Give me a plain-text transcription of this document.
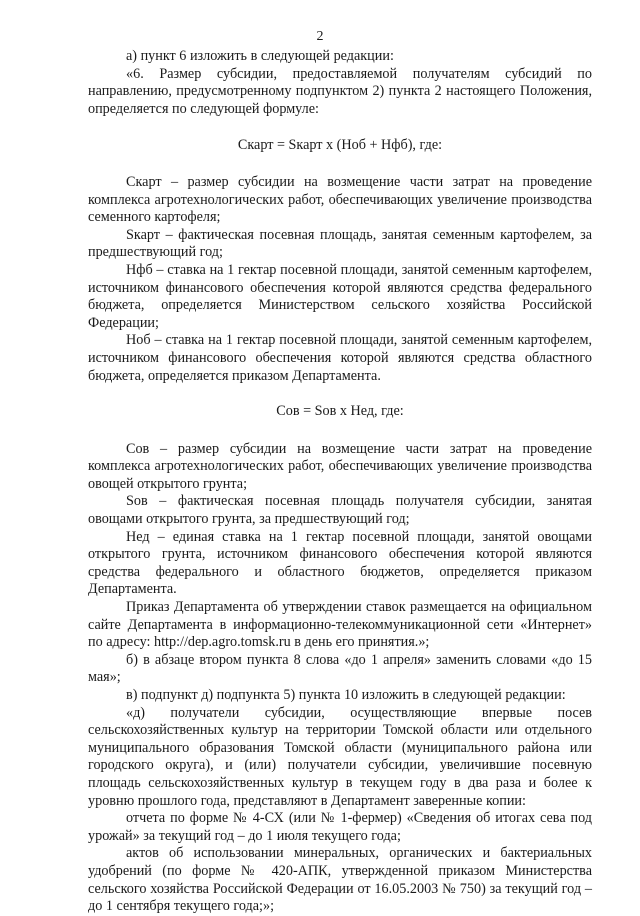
2

а) пункт 6 изложить в следующей редакции:

«6. Размер субсидии, предоставляемой получателям субсидий по направлению, предусмотренному подпунктом 2) пункта 2 настоящего Положения, определяется по следующей формуле:

Скарт = Sкарт х (Ноб + Нфб), где:

Скарт – размер субсидии на возмещение части затрат на проведение комплекса агротехнологических работ, обеспечивающих увеличение производства семенного картофеля;

Sкарт – фактическая посевная площадь, занятая семенным картофелем, за предшествующий год;

Нфб – ставка на 1 гектар посевной площади, занятой семенным картофелем, источником финансового обеспечения которой являются средства федерального бюджета, определяется Министерством сельского хозяйства Российской Федерации;

Ноб – ставка на 1 гектар посевной площади, занятой семенным картофелем, источником финансового обеспечения которой являются средства областного бюджета, определяется приказом Департамента.

Сов = Sов х Нед, где:

Сов – размер субсидии на возмещение части затрат на проведение комплекса агротехнологических работ, обеспечивающих увеличение производства овощей открытого грунта;

Sов – фактическая посевная площадь получателя субсидии, занятая овощами открытого грунта, за предшествующий год;

Нед – единая ставка на 1 гектар посевной площади, занятой овощами открытого грунта, источником финансового обеспечения которой являются средства федерального и областного бюджетов, определяется приказом Департамента.

Приказ Департамента об утверждении ставок размещается на официальном сайте Департамента в информационно-телекоммуникационной сети «Интернет» по адресу: http://dep.agro.tomsk.ru в день его принятия.»;

б) в абзаце втором пункта 8 слова «до 1 апреля» заменить словами «до 15 мая»;

в) подпункт д) подпункта 5) пункта 10 изложить в следующей редакции:

«д) получатели субсидии, осуществляющие впервые посев сельскохозяйственных культур на территории Томской области или отдельного муниципального образования Томской области (муниципального района или городского округа), и (или) получатели субсидии, увеличившие посевную площадь сельскохозяйственных культур в текущем году в два раза и более к уровню прошлого года, представляют в Департамент заверенные копии:

отчета по форме № 4-СХ (или № 1-фермер) «Сведения об итогах сева под урожай» за текущий год – до 1 июля текущего года;

актов об использовании минеральных, органических и бактериальных удобрений (по форме № 420-АПК, утвержденной приказом Министерства сельского хозяйства Российской Федерации от 16.05.2003 № 750) за текущий год – до 1 сентября текущего года;»;
